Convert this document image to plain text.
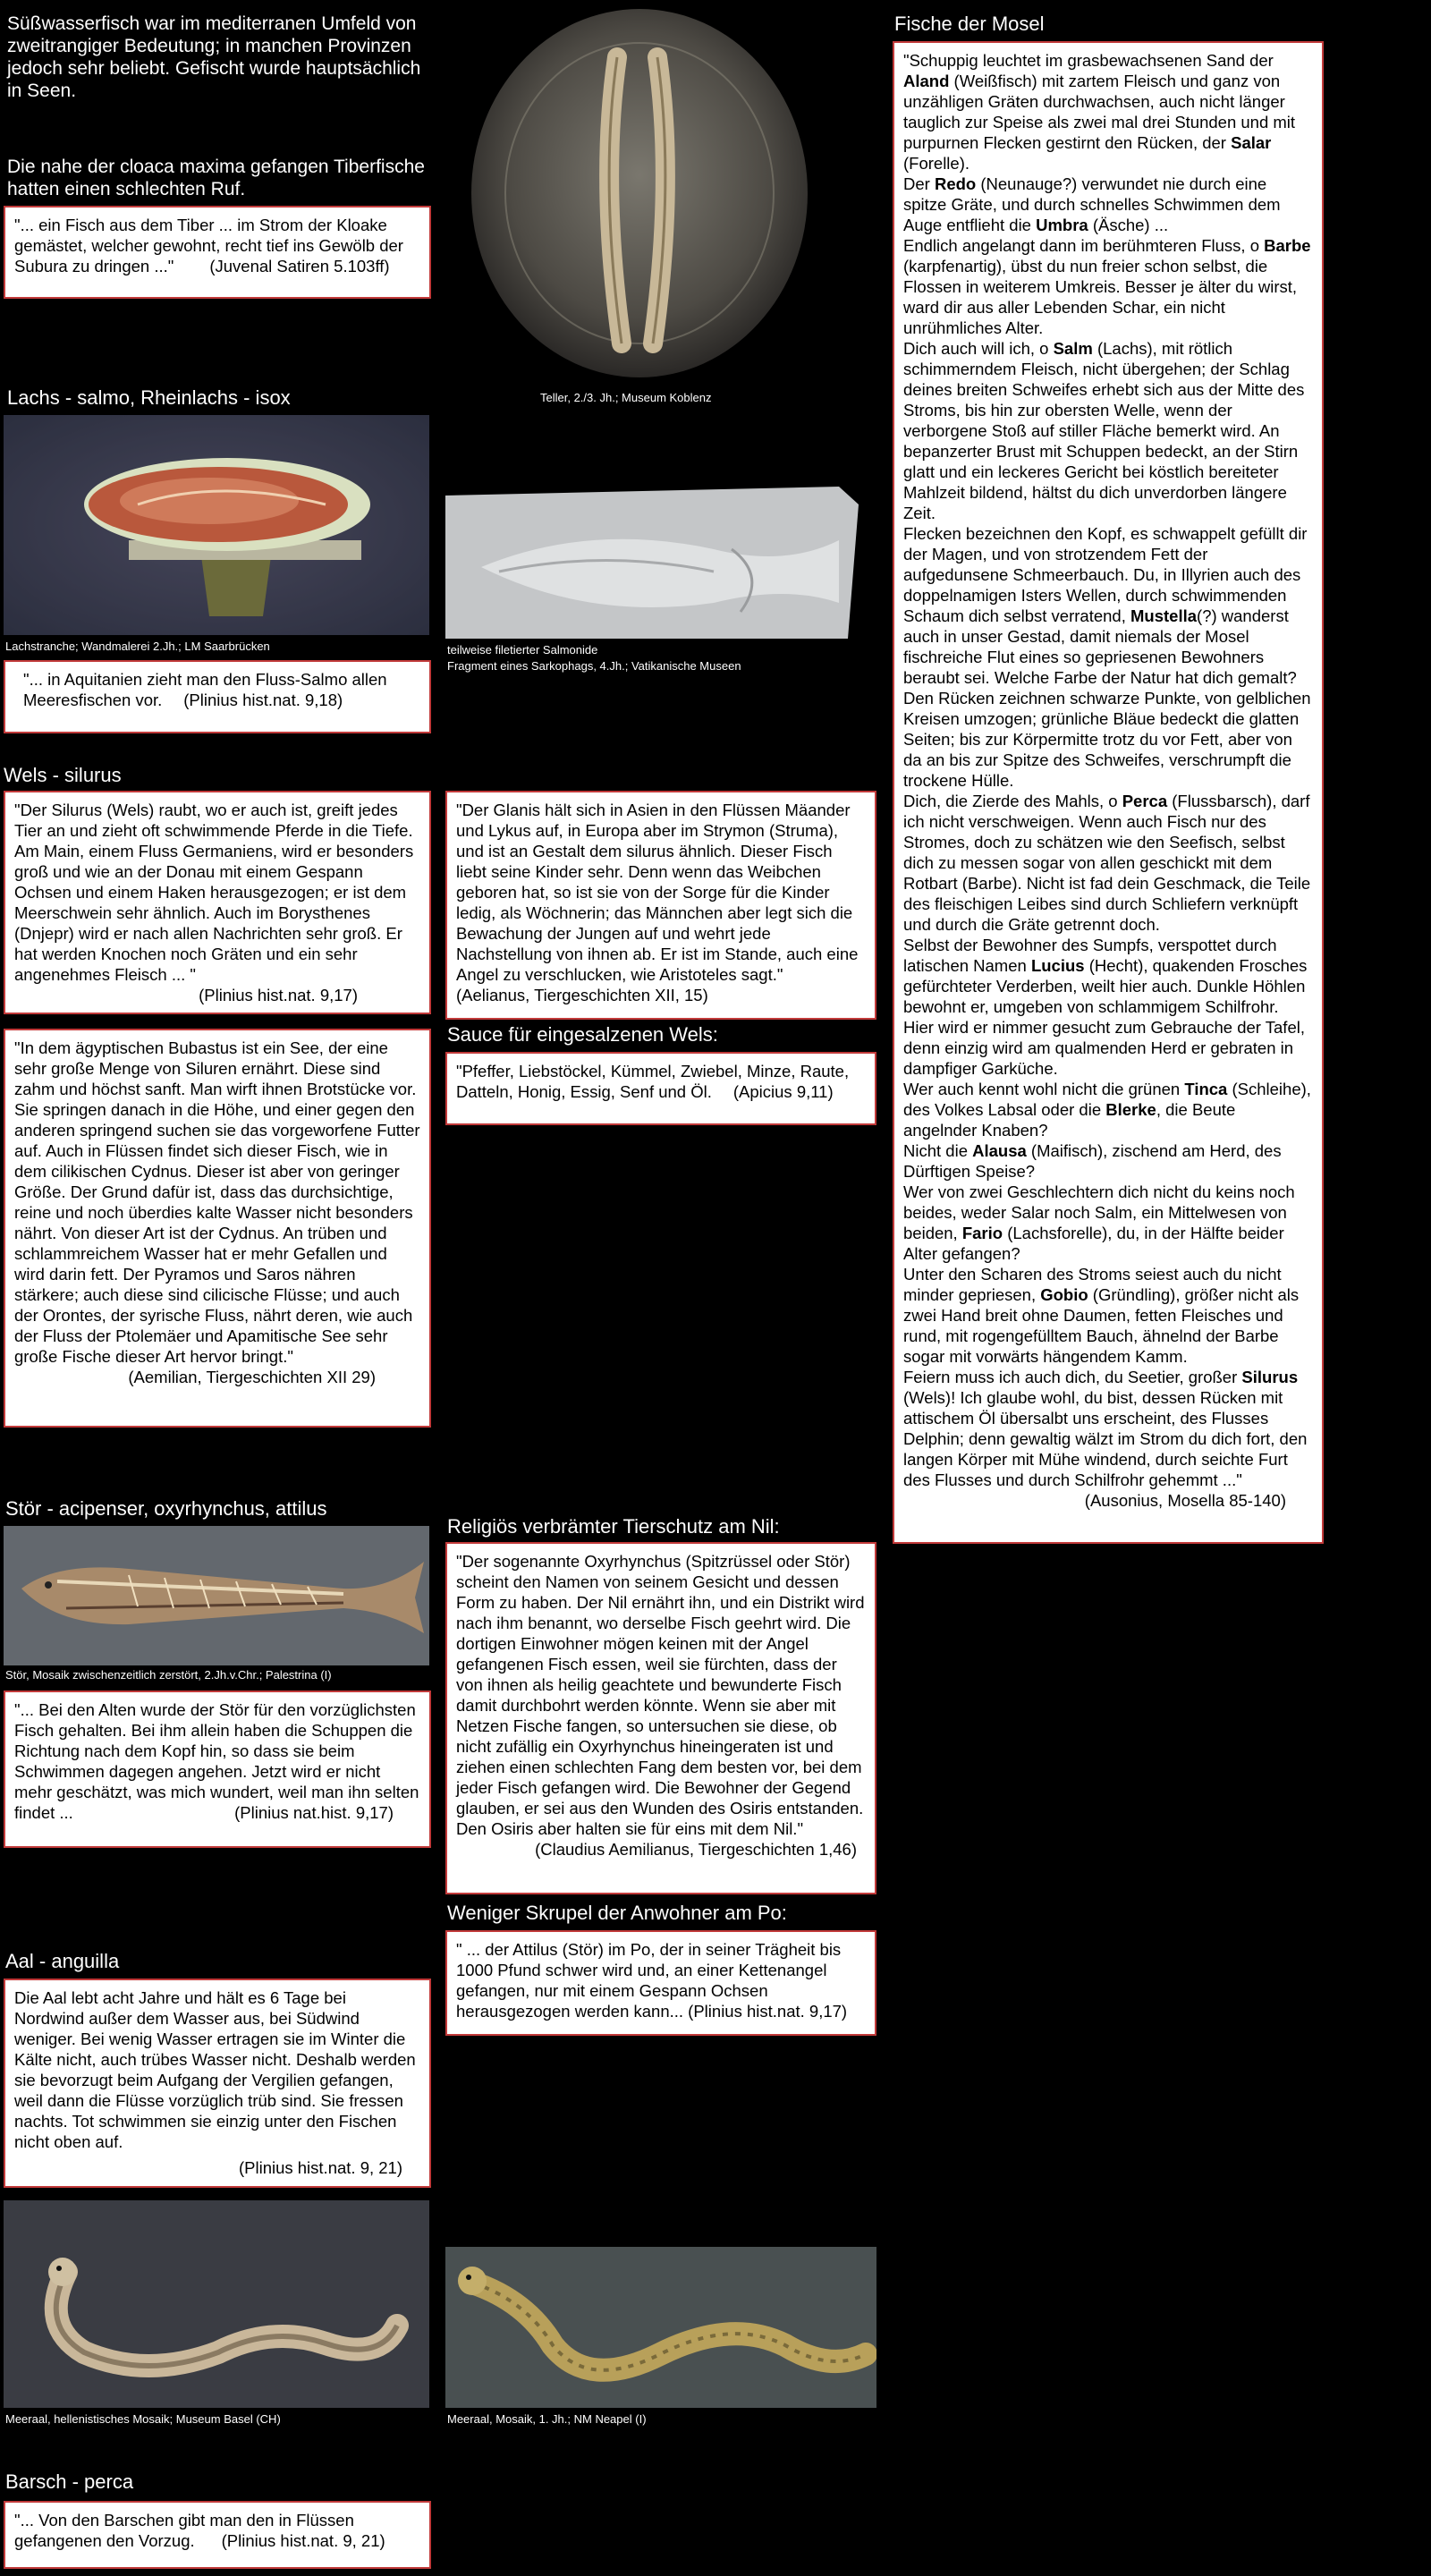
Süßwasserfisch war im mediterranen Umfeld von zweitrangiger Bedeutung; in manchen Provinzen jedoch sehr beliebt. Gefischt wurde hauptsächlich in Seen.
Die nahe der cloaca maxima gefangen Tiberfische hatten einen schlechten Ruf.

"... ein Fisch aus dem Tiber ... im Strom der Kloake gemästet, welcher gewohnt, recht tief ins Gewölb der Subura zu dringen ..." (Juvenal Satiren 5.103ff)

Lachs - salmo, Rheinlachs - isox
Lachstranche; Wandmalerei 2.Jh.; LM Saarbrücken

"... in Aquitanien zieht man den Fluss-Salmo allen Meeresfischen vor. (Plinius hist.nat. 9,18)

Wels - silurus

"Der Silurus (Wels) raubt, wo er auch ist, greift jedes Tier an und zieht oft schwimmende Pferde in die Tiefe. Am Main, einem Fluss Germaniens, wird er besonders groß und wie an der Donau mit einem Gespann Ochsen und einem Haken herausgezogen; er ist dem Meerschwein sehr ähnlich. Auch im Borysthenes (Dnjepr) wird er nach allen Nachrichten sehr groß. Er hat werden Knochen noch Gräten und ein sehr angenehmes Fleisch ... "

(Plinius hist.nat. 9,17)

"In dem ägyptischen Bubastus ist ein See, der eine sehr große Menge von Siluren ernährt. Diese sind zahm und höchst sanft. Man wirft ihnen Brotstücke vor. Sie springen danach in die Höhe, und einer gegen den anderen springend suchen sie das vorgeworfene Futter auf. Auch in Flüssen findet sich dieser Fisch, wie in dem cilikischen Cydnus. Dieser ist aber von geringer Größe. Der Grund dafür ist, dass das durchsichtige, reine und noch überdies kalte Wasser nicht besonders nährt. Von dieser Art ist der Cydnus. An trüben und schlammreichem Wasser hat er mehr Gefallen und wird darin fett. Der Pyramos und Saros nähren stärkere; auch diese sind cilicische Flüsse; und auch der Orontes, der syrische Fluss, nährt deren, wie auch der Fluss der Ptolemäer und Apamitische See sehr große Fische dieser Art hervor bringt."

(Aemilian, Tiergeschichten XII 29)

Stör - acipenser, oxyrhynchus, attilus
Stör, Mosaik zwischenzeitlich zerstört, 2.Jh.v.Chr.; Palestrina (I)

"... Bei den Alten wurde der Stör für den vorzüglichsten Fisch gehalten. Bei ihm allein haben die Schuppen die Richtung nach dem Kopf hin, so dass sie beim Schwimmen dagegen angehen. Jetzt wird er nicht mehr geschätzt, was mich wundert, weil man ihn selten findet ...	(Plinius nat.hist. 9,17)

Aal - anguilla

Die Aal lebt acht Jahre und hält es 6 Tage bei Nordwind außer dem Wasser aus, bei Südwind weniger. Bei wenig Wasser ertragen sie im Winter die Kälte nicht, auch trübes Wasser nicht. Deshalb werden sie bevorzugt beim Aufgang der Vergilien gefangen, weil dann die Flüsse vorzüglich trüb sind. Sie fressen nachts. Tot schwimmen sie einzig unter den Fischen nicht oben auf.

(Plinius hist.nat. 9, 21)

Meeraal, hellenistisches Mosaik; Museum Basel (CH)
Barsch - perca

"... Von den Barschen gibt man den in Flüssen gefangenen den Vorzug. (Plinius hist.nat. 9, 21)

Teller, 2./3. Jh.; Museum Koblenz
teilweise filetierter Salmonide
Fragment eines Sarkophags, 4.Jh.; Vatikanische Museen

"Der Glanis hält sich in Asien in den Flüssen Mäander und Lykus auf, in Europa aber im Strymon (Struma), und ist an Gestalt dem silurus ähnlich. Dieser Fisch liebt seine Kinder sehr. Denn wenn das Weibchen geboren hat, so ist sie von der Sorge für die Kinder ledig, als Wöchnerin; das Männchen aber legt sich die Bewachung der Jungen auf und wehrt jede Nachstellung von ihnen ab. Er ist im Stande, auch eine Angel zu verschlucken, wie Aristoteles sagt."(Aelianus, Tiergeschichten XII, 15)

Sauce für eingesalzenen Wels:

"Pfeffer, Liebstöckel, Kümmel, Zwiebel, Minze, Raute, Datteln, Honig, Essig, Senf und Öl. (Apicius 9,11)

Religiös verbrämter Tierschutz am Nil:

"Der sogenannte Oxyrhynchus (Spitzrüssel oder Stör) scheint den Namen von seinem Gesicht und dessen Form zu haben. Der Nil ernährt ihn, und ein Distrikt wird nach ihm benannt, wo derselbe Fisch geehrt wird. Die dortigen Einwohner mögen keinen mit der Angel gefangenen Fisch essen, weil sie fürchten, dass der von ihnen als heilig geachtete und bewunderte Fisch damit durchbohrt werden könnte. Wenn sie aber mit Netzen Fische fangen, so untersuchen sie diese, ob nicht zufällig ein Oxyrhynchus hineingeraten ist und ziehen einen schlechten Fang dem besten vor, bei dem jeder Fisch gefangen wird. Die Bewohner der Gegend glauben, er sei aus den Wunden des Osiris entstanden. Den Osiris aber halten sie für eins mit dem Nil."

(Claudius Aemilianus, Tiergeschichten 1,46)

Weniger Skrupel der Anwohner am Po:

" ... der Attilus (Stör) im Po, der in seiner Trägheit bis 1000 Pfund schwer wird und, an einer Kettenangel gefangen, nur mit einem Gespann Ochsen herausgezogen werden kann... (Plinius hist.nat. 9,17)

Meeraal, Mosaik, 1. Jh.; NM Neapel (I)
Fische der Mosel

"Schuppig leuchtet im grasbewachsenen Sand der Aland (Weißfisch) mit zartem Fleisch und ganz von unzähligen Gräten durchwachsen, auch nicht länger tauglich zur Speise als zwei mal drei Stunden und mit purpurnen Flecken gestirnt den Rücken, der Salar (Forelle).

Der Redo (Neunauge?) verwundet nie durch eine spitze Gräte, und durch schnelles Schwimmen dem Auge entflieht die Umbra (Äsche) ...

Endlich angelangt dann im berühmteren Fluss, o Barbe (karpfenartig), übst du nun freier schon selbst, die Flossen in weiterem Umkreis. Besser je älter du wirst, ward dir aus aller Lebenden Schar, ein nicht unrühmliches Alter.

Dich auch will ich, o Salm (Lachs), mit rötlich schimmerndem Fleisch, nicht übergehen; der Schlag deines breiten Schweifes erhebt sich aus der Mitte des Stroms, bis hin zur obersten Welle, wenn der verborgene Stoß auf stiller Fläche bemerkt wird. An bepanzerter Brust mit Schuppen bedeckt, an der Stirn glatt und ein leckeres Gericht bei köstlich bereiteter Mahlzeit bildend, hältst du dich unverdorben längere Zeit.

Flecken bezeichnen den Kopf, es schwappelt gefüllt dir der Magen, und von strotzendem Fett der aufgedunsene Schmeerbauch. Du, in Illyrien auch des doppelnamigen Isters Wellen, durch schwimmenden Schaum dich selbst verratend, Mustella(?) wanderst auch in unser Gestad, damit niemals der Mosel fischreiche Flut eines so gepriesenen Bewohners beraubt sei. Welche Farbe der Natur hat dich gemalt? Den Rücken zeichnen schwarze Punkte, von gelblichen Kreisen umzogen; grünliche Bläue bedeckt die glatten Seiten; bis zur Körpermitte trotz du vor Fett, aber von da an bis zur Spitze des Schweifes, verschrumpft die trockene Hülle.

Dich, die Zierde des Mahls, o Perca (Flussbarsch), darf ich nicht verschweigen. Wenn auch Fisch nur des Stromes, doch zu schätzen wie den Seefisch, selbst dich zu messen sogar von allen geschickt mit dem Rotbart (Barbe). Nicht ist fad dein Geschmack, die Teile des fleischigen Leibes sind durch Schliefern verknüpft und durch die Gräte getrennt doch.

Selbst der Bewohner des Sumpfs, verspottet durch latischen Namen Lucius (Hecht), quakenden Frosches gefürchteter Verderben, weilt hier auch. Dunkle Höhlen bewohnt er, umgeben von schlammigem Schilfrohr. Hier wird er nimmer gesucht zum Gebrauche der Tafel, denn einzig wird am qualmenden Herd er gebraten in dampfiger Garküche.

Wer auch kennt wohl nicht die grünen Tinca (Schleihe), des Volkes Labsal oder die Blerke, die Beute angelnder Knaben?

Nicht die Alausa (Maifisch), zischend am Herd, des Dürftigen Speise?

Wer von zwei Geschlechtern dich nicht du keins noch beides, weder Salar noch Salm, ein Mittelwesen von beiden, Fario (Lachsforelle), du, in der Hälfte beider Alter gefangen?

Unter den Scharen des Stroms seiest auch du nicht minder gepriesen, Gobio (Gründling), größer nicht als zwei Hand breit ohne Daumen, fetten Fleisches und rund, mit rogengefülltem Bauch, ähnelnd der Barbe sogar mit vorwärts hängendem Kamm.

Feiern muss ich auch dich, du Seetier, großer Silurus (Wels)! Ich glaube wohl, du bist, dessen Rücken mit attischem Öl übersalbt uns erscheint, des Flusses Delphin; denn gewaltig wälzt im Strom du dich fort, den langen Körper mit Mühe windend, durch seichte Furt des Flusses und durch Schilfrohr gehemmt ..."

(Ausonius, Mosella 85-140)
